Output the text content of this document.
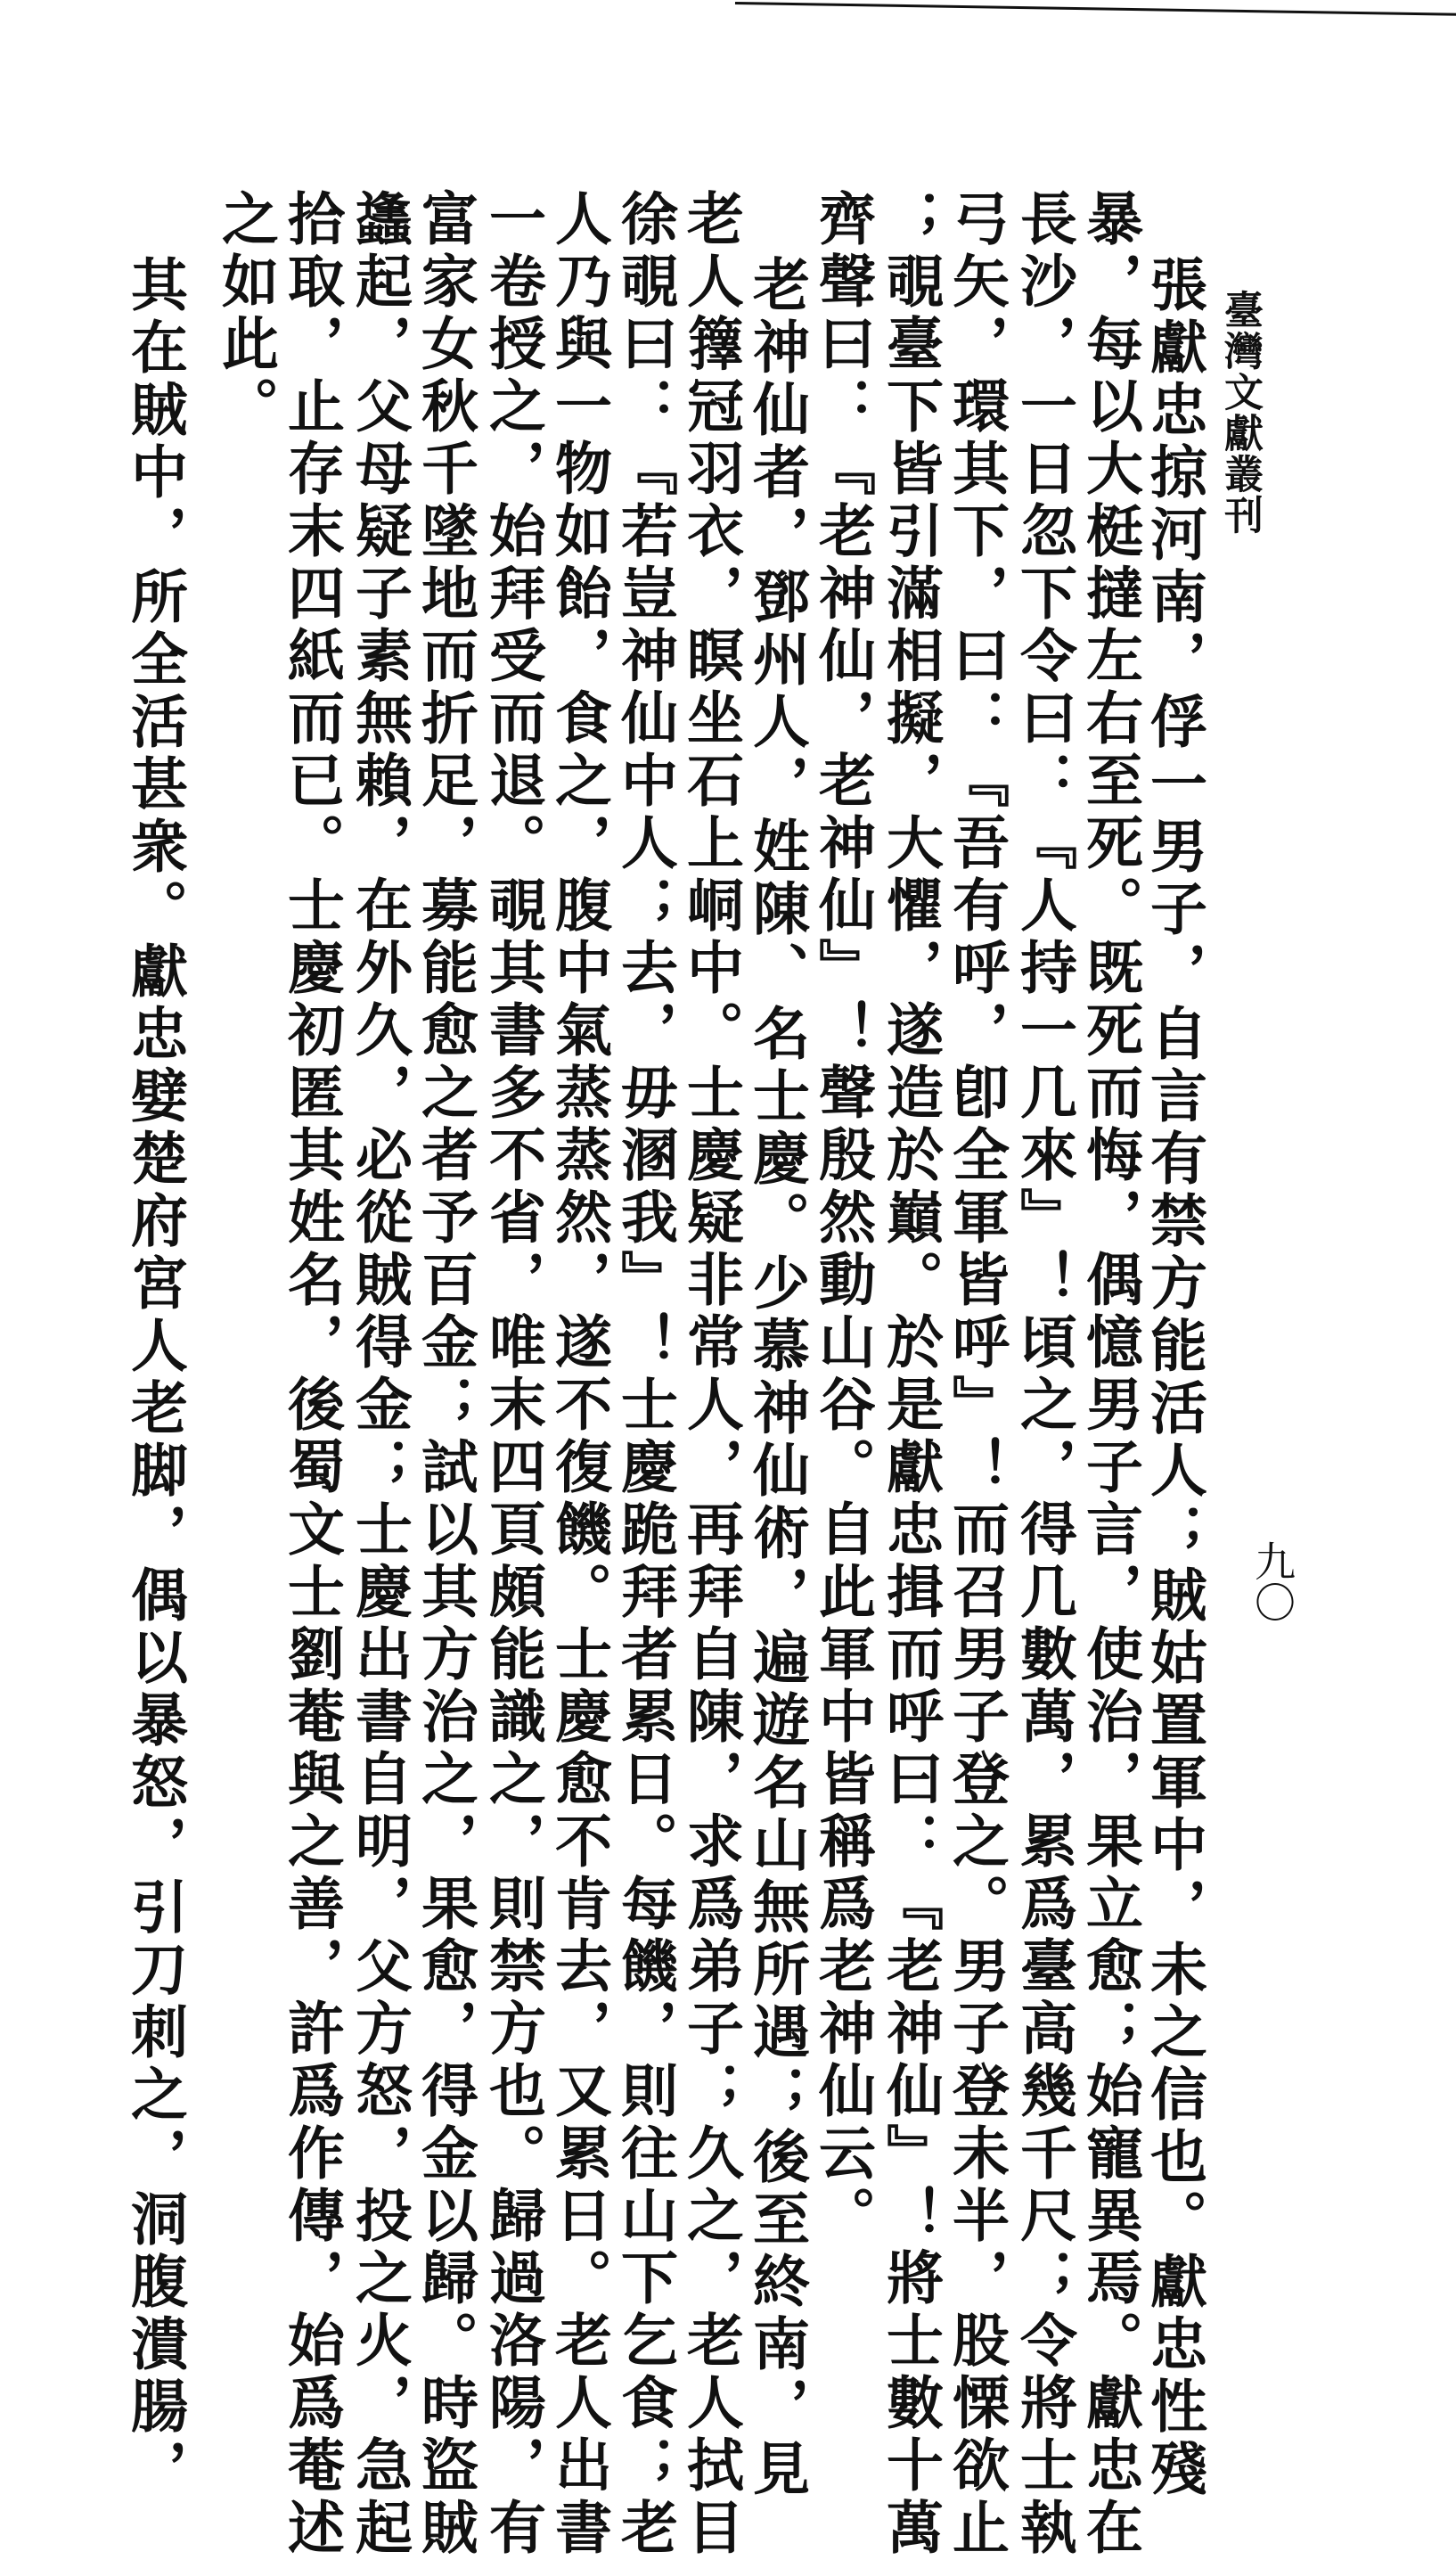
臺灣文獻叢刊
九〇
張獻忠掠河南，俘一男子，自言有禁方能活人；賊姑置軍中，未之信也。獻忠性殘
暴，每以大梃撻左右至死。既死而悔，偶憶男子言，使治，果立愈；始寵異焉。獻忠在
長沙，一日忽下令曰：『人持一几來』！頃之，得几數萬，累爲臺高幾千尺；令將士執
弓矢，環其下，曰：『吾有呼，卽全軍皆呼』！而召男子登之。男子登未半，股慄欲止
；覗臺下皆引滿相擬，大懼，遂造於巔。於是獻忠揖而呼曰：『老神仙』！將士數十萬
齊聲曰：『老神仙，老神仙』！聲殷然動山谷。自此軍中皆稱爲老神仙云。
老神仙者，鄧州人，姓陳、名士慶。少慕神仙術，遍遊名山無所遇；後至終南，見
老人籜冠羽衣，瞑坐石上峒中。士慶疑非常人，再拜自陳，求爲弟子；久之，老人拭目
徐覗曰：『若豈神仙中人；去，毋溷我』！士慶跪拜者累日。每饑，則往山下乞食；老
人乃與一物如飴，食之，腹中氣蒸蒸然，遂不復饑。士慶愈不肯去，又累日。老人出書
一卷授之，始拜受而退。覗其書多不省，唯末四頁頗能識之，則禁方也。歸過洛陽，有
富家女秋千墜地而折足，募能愈之者予百金；試以其方治之，果愈，得金以歸。時盜賊
蠭起，父母疑子素無賴，在外久，必從賊得金；士慶出書自明，父方怒，投之火，急起
拾取，止存末四紙而已。士慶初匿其姓名，後蜀文士劉菴與之善，許爲作傳，始爲菴述
之如此。
其在賊中，所全活甚衆。獻忠嬖楚府宮人老脚，偶以暴怒，引刀刺之，洞腹潰腸，
